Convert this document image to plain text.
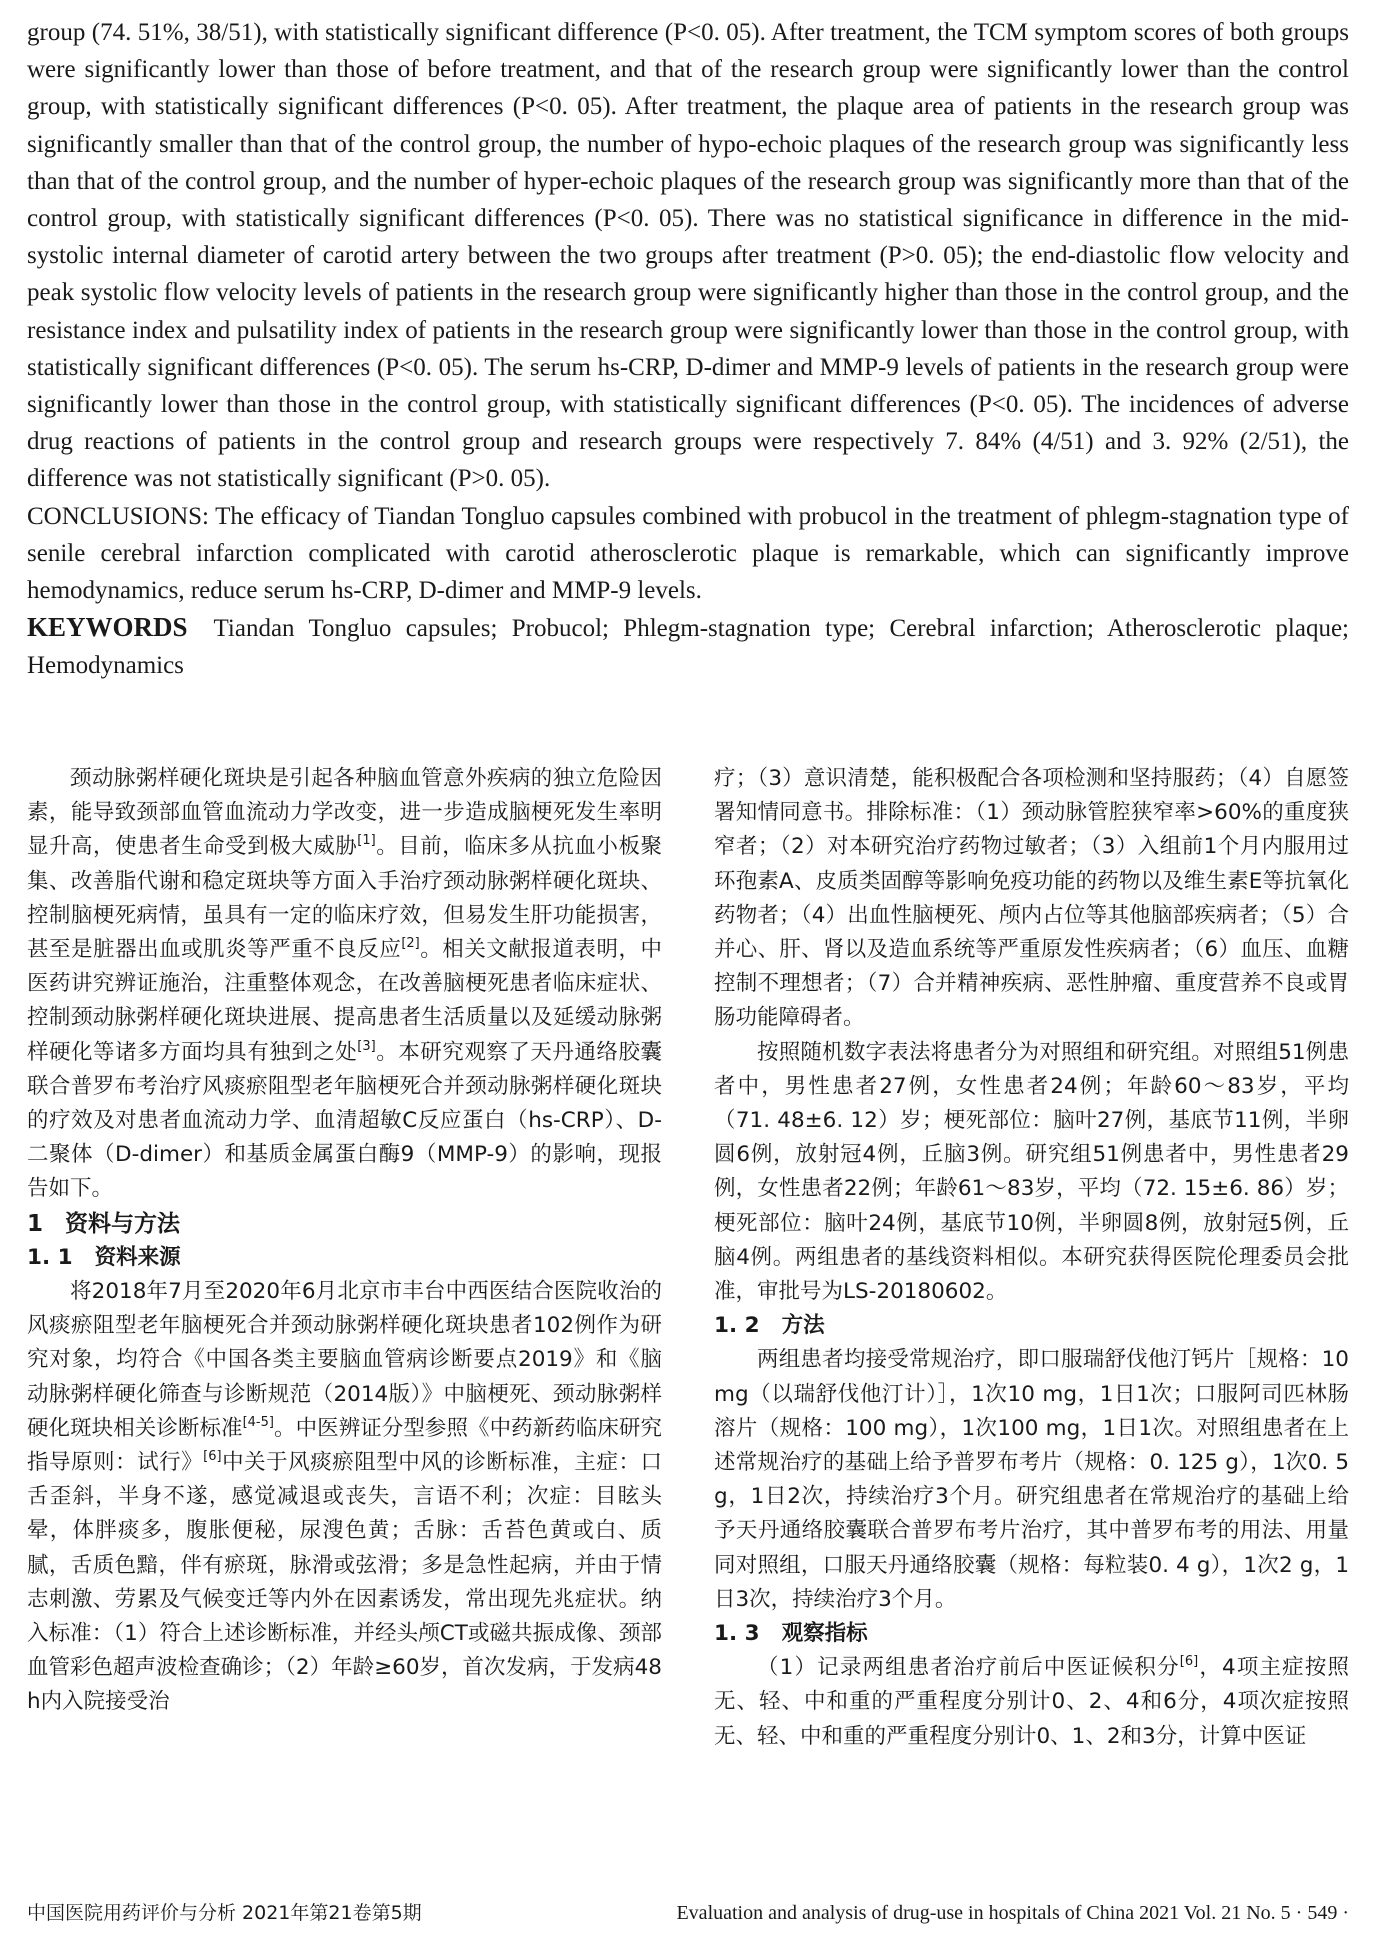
group (74. 51%, 38/51), with statistically significant difference (P<0. 05). After treatment, the TCM symptom scores of both groups were significantly lower than those of before treatment, and that of the research group were significantly lower than the control group, with statistically significant differences (P<0. 05). After treatment, the plaque area of patients in the research group was significantly smaller than that of the control group, the number of hypo-echoic plaques of the research group was significantly less than that of the control group, and the number of hyper-echoic plaques of the research group was significantly more than that of the control group, with statistically significant differences (P<0. 05). There was no statistical significance in difference in the mid-systolic internal diameter of carotid artery between the two groups after treatment (P>0. 05); the end-diastolic flow velocity and peak systolic flow velocity levels of patients in the research group were significantly higher than those in the control group, and the resistance index and pulsatility index of patients in the research group were significantly lower than those in the control group, with statistically significant differences (P<0. 05). The serum hs-CRP, D-dimer and MMP-9 levels of patients in the research group were significantly lower than those in the control group, with statistically significant differences (P<0. 05). The incidences of adverse drug reactions of patients in the control group and research groups were respectively 7. 84% (4/51) and 3. 92% (2/51), the difference was not statistically significant (P>0. 05).

CONCLUSIONS: The efficacy of Tiandan Tongluo capsules combined with probucol in the treatment of phlegm-stagnation type of senile cerebral infarction complicated with carotid atherosclerotic plaque is remarkable, which can significantly improve hemodynamics, reduce serum hs-CRP, D-dimer and MMP-9 levels.

KEYWORDS Tiandan Tongluo capsules; Probucol; Phlegm-stagnation type; Cerebral infarction; Atherosclerotic plaque; Hemodynamics

颈动脉粥样硬化斑块是引起各种脑血管意外疾病的独立危险因素，能导致颈部血管血流动力学改变，进一步造成脑梗死发生率明显升高，使患者生命受到极大威胁[1]。目前，临床多从抗血小板聚集、改善脂代谢和稳定斑块等方面入手治疗颈动脉粥样硬化斑块、控制脑梗死病情，虽具有一定的临床疗效，但易发生肝功能损害，甚至是脏器出血或肌炎等严重不良反应[2]。相关文献报道表明，中医药讲究辨证施治，注重整体观念，在改善脑梗死患者临床症状、控制颈动脉粥样硬化斑块进展、提高患者生活质量以及延缓动脉粥样硬化等诸多方面均具有独到之处[3]。本研究观察了天丹通络胶囊联合普罗布考治疗风痰瘀阻型老年脑梗死合并颈动脉粥样硬化斑块的疗效及对患者血流动力学、血清超敏C反应蛋白（hs-CRP）、D-二聚体（D-dimer）和基质金属蛋白酶9（MMP-9）的影响，现报告如下。

1 资料与方法

1. 1 资料来源

将2018年7月至2020年6月北京市丰台中西医结合医院收治的风痰瘀阻型老年脑梗死合并颈动脉粥样硬化斑块患者102例作为研究对象，均符合《中国各类主要脑血管病诊断要点2019》和《脑动脉粥样硬化筛查与诊断规范（2014版）》中脑梗死、颈动脉粥样硬化斑块相关诊断标准[4-5]。中医辨证分型参照《中药新药临床研究指导原则：试行》[6]中关于风痰瘀阻型中风的诊断标准，主症：口舌歪斜，半身不遂，感觉减退或丧失，言语不利；次症：目眩头晕，体胖痰多，腹胀便秘，尿溲色黄；舌脉：舌苔色黄或白、质腻，舌质色黯，伴有瘀斑，脉滑或弦滑；多是急性起病，并由于情志刺激、劳累及气候变迁等内外在因素诱发，常出现先兆症状。纳入标准：（1）符合上述诊断标准，并经头颅CT或磁共振成像、颈部血管彩色超声波检查确诊；（2）年龄≥60岁，首次发病，于发病48 h内入院接受治

疗；（3）意识清楚，能积极配合各项检测和坚持服药；（4）自愿签署知情同意书。排除标准：（1）颈动脉管腔狭窄率>60%的重度狭窄者；（2）对本研究治疗药物过敏者；（3）入组前1个月内服用过环孢素A、皮质类固醇等影响免疫功能的药物以及维生素E等抗氧化药物者；（4）出血性脑梗死、颅内占位等其他脑部疾病者；（5）合并心、肝、肾以及造血系统等严重原发性疾病者；（6）血压、血糖控制不理想者；（7）合并精神疾病、恶性肿瘤、重度营养不良或胃肠功能障碍者。

按照随机数字表法将患者分为对照组和研究组。对照组51例患者中，男性患者27例，女性患者24例；年龄60～83岁，平均（71. 48±6. 12）岁；梗死部位：脑叶27例，基底节11例，半卵圆6例，放射冠4例，丘脑3例。研究组51例患者中，男性患者29例，女性患者22例；年龄61～83岁，平均（72. 15±6. 86）岁；梗死部位：脑叶24例，基底节10例，半卵圆8例，放射冠5例，丘脑4例。两组患者的基线资料相似。本研究获得医院伦理委员会批准，审批号为LS-20180602。

1. 2 方法

两组患者均接受常规治疗，即口服瑞舒伐他汀钙片［规格：10 mg（以瑞舒伐他汀计）］，1次10 mg，1日1次；口服阿司匹林肠溶片（规格：100 mg），1次100 mg，1日1次。对照组患者在上述常规治疗的基础上给予普罗布考片（规格：0. 125 g），1次0. 5 g，1日2次，持续治疗3个月。研究组患者在常规治疗的基础上给予天丹通络胶囊联合普罗布考片治疗，其中普罗布考的用法、用量同对照组，口服天丹通络胶囊（规格：每粒装0. 4 g），1次2 g，1日3次，持续治疗3个月。

1. 3 观察指标

（1）记录两组患者治疗前后中医证候积分[6]，4项主症按照无、轻、中和重的严重程度分别计0、2、4和6分，4项次症按照无、轻、中和重的严重程度分别计0、1、2和3分，计算中医证

中国医院用药评价与分析 2021年第21卷第5期	Evaluation and analysis of drug-use in hospitals of China 2021 Vol. 21 No. 5 · 549 ·
